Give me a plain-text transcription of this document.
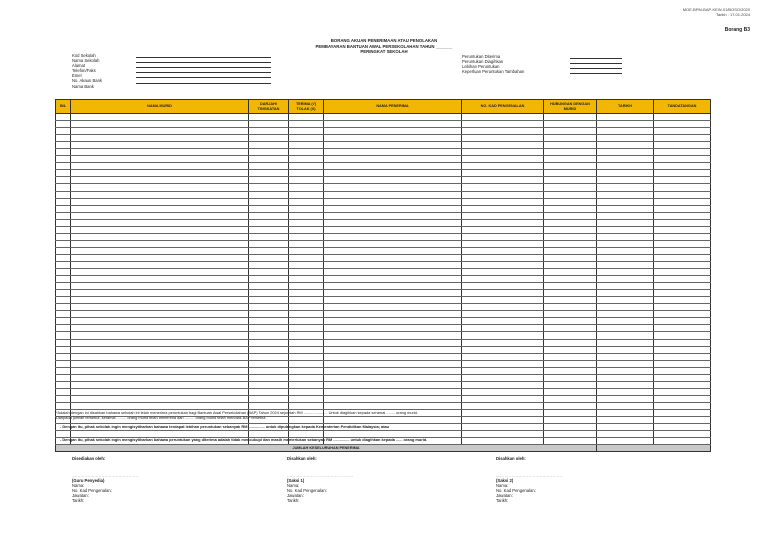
MOE-BPM-BAP-KEW-01/BOSO/2020
Tarikh : 17.01.2024
Borang B3
BORANG AKUAN PENERIMAAN ATAU PENOLAKAN
PEMBAYARAN BANTUAN AWAL PERSEKOLAHAN TAHUN _______
PERINGKAT SEKOLAH
Kod Sekolah
Nama Sekolah
Alamat
Telefon/Faks
Emel
No. Akaun Bank
Nama Bank
Peruntukan Diterima
Peruntukan Diagihkan
Lebihan Peruntukan
Keperluan Peruntukan Tambahan
BIL	NAMA MURID	DARJAH/ TINGKATAN	TERIMA (√) TOLAK (X)	NAMA PENERIMA	NO. KAD PENGENALAN	HUBUNGAN DENGAN MURID	TARIKH	TANDATANGAN

JUMLAH KESELURUHAN PENERIMA								
*Adalah dengan ini disahkan bahawa sekolah ini telah menerima peruntukan bagi Bantuan Awal Persekolahan (BAP) Tahun 2024 sejumlah RM ...................... Untuk diagihkan kepada seramai ........ orang murid.
Daripada jumlah tersebut, seramai ......... orang murid telah menerima dan ......... orang murid telah menolak BAP tersebut.
- Dengan itu, pihak sekolah ingin mengisytiharkan bahawa terdapat lebihan peruntukan sebanyak RM ............... untuk dipulangkan kepada Kementerian Pendidikan Malaysia; atau
- Dengan itu, pihak sekolah ingin mengisytiharkan bahawa peruntukan yang diterima adalah tidak mencukupi dan masih memerlukan sebanyak RM ............... untuk diagihkan kepada ...... orang murid.
Disediakan oleh:
...............................................
(Guru Penyedia)
Nama:
No. Kad Pengenalan:
Jawatan:
Tarikh:
Disahkan oleh:
...............................................
(Saksi 1)
Nama:
No. Kad Pengenalan:
Jawatan:
Tarikh:
Disahkan oleh:
...............................................
(Saksi 2)
Nama:
No. Kad Pengenalan:
Jawatan:
Tarikh:
